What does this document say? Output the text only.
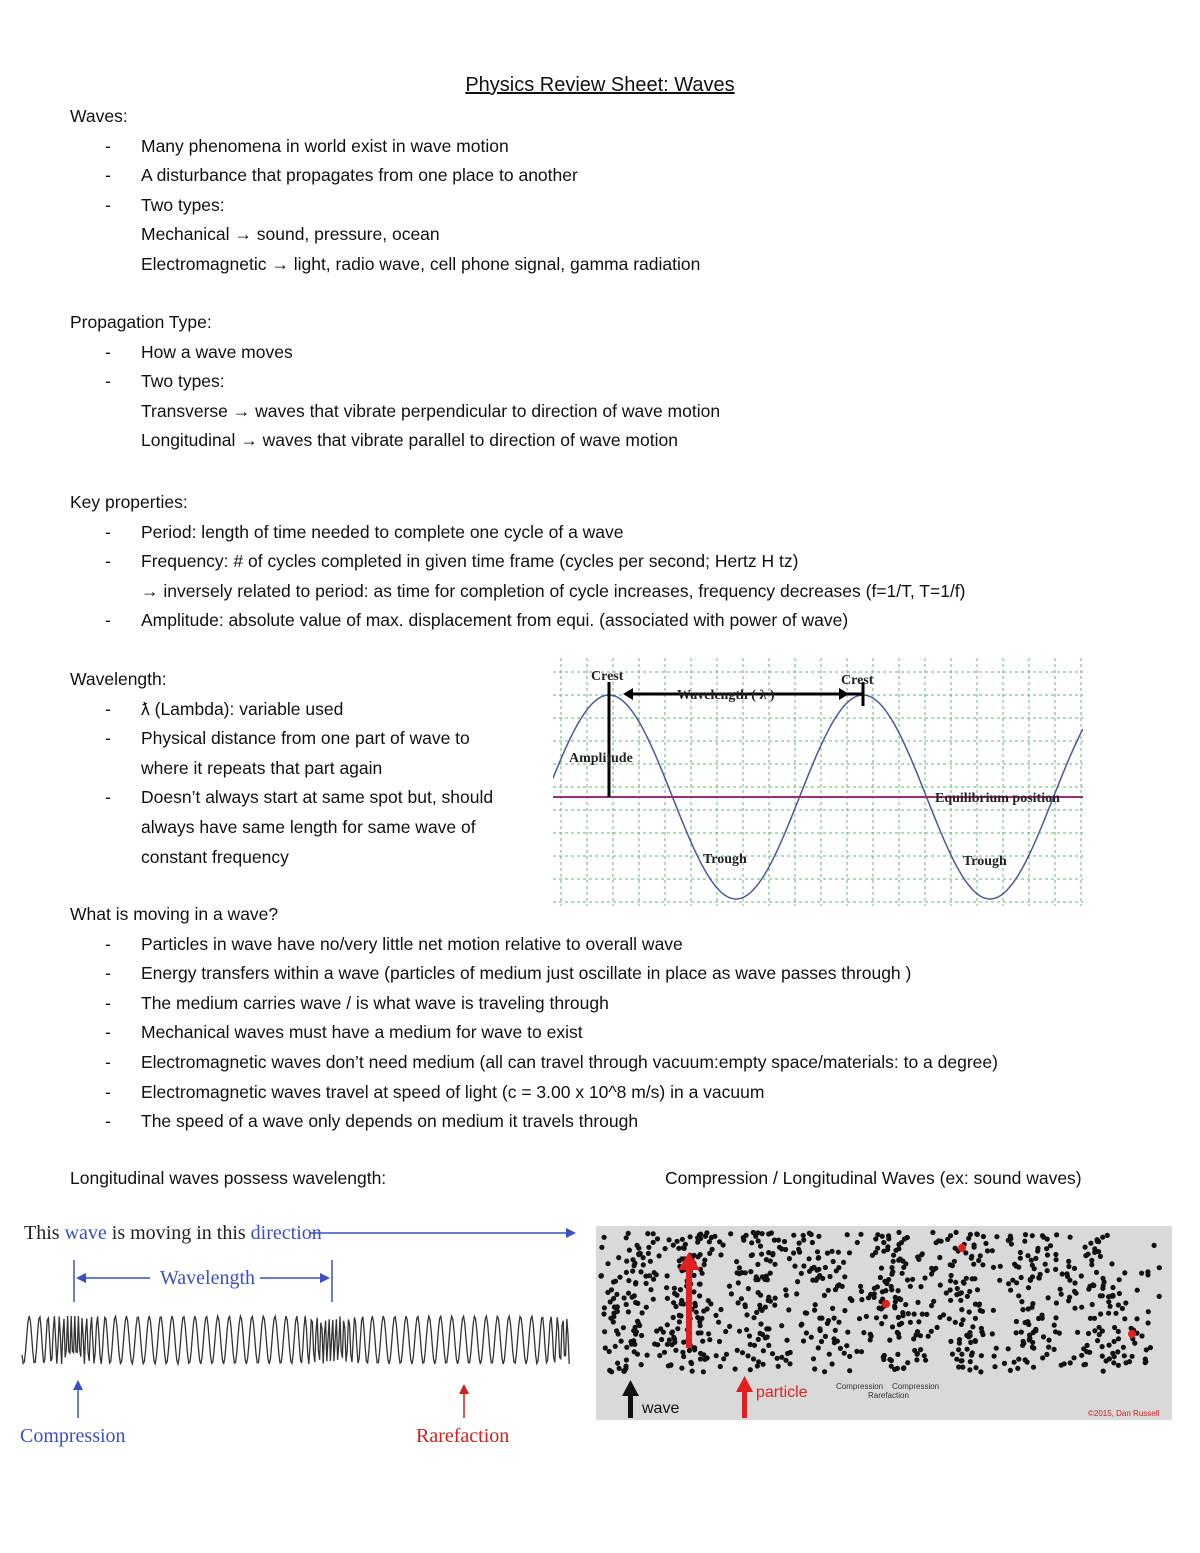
Physics Review Sheet: Waves
Waves:
- Many phenomena in world exist in wave motion
- A disturbance that propagates from one place to another
- Two types:
Mechanical → sound, pressure, ocean
Electromagnetic → light, radio wave, cell phone signal, gamma radiation
Propagation Type:
- How a wave moves
- Two types:
Transverse → waves that vibrate perpendicular to direction of wave motion
Longitudinal → waves that vibrate parallel to direction of wave motion
Key properties:
- Period: length of time needed to complete one cycle of a wave
- Frequency: # of cycles completed in given time frame (cycles per second; Hertz H tz)
→ inversely related to period: as time for completion of cycle increases, frequency decreases (f=1/T, T=1/f)
- Amplitude: absolute value of max. displacement from equi. (associated with power of wave)
Wavelength:
- ƛ (Lambda): variable used
- Physical distance from one part of wave to where it repeats that part again
- Doesn’t always start at same spot but, should always have same length for same wave of constant frequency
Crest	Crest
Wavelength ( λ )
Amplitude
Equilibrium position
Trough	Trough
What is moving in a wave?
- Particles in wave have no/very little net motion relative to overall wave
- Energy transfers within a wave (particles of medium just oscillate in place as wave passes through )
- The medium carries wave / is what wave is traveling through
- Mechanical waves must have a medium for wave to exist
- Electromagnetic waves don’t need medium (all can travel through vacuum:empty space/materials: to a degree)
- Electromagnetic waves travel at speed of light (c = 3.00 x 10^8 m/s) in a vacuum
- The speed of a wave only depends on medium it travels through
Longitudinal waves possess wavelength:	Compression / Longitudinal Waves (ex: sound waves)
This wave is moving in this direction
Wavelength
Compression	Rarefaction
wave
particle	Compression Compression
Rarefaction
©2015, Dan Russell
